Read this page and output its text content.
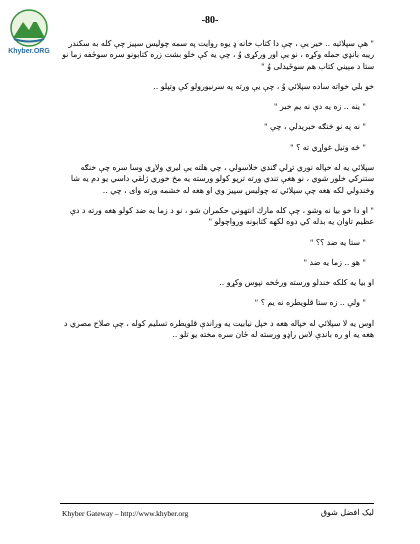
Khyber.ORG
-80-

" هې سپلائيه .. خير يې ، چې دا كتاب خانه ډ يوه روايت په سمه چوليس سپيز چې كله به سكندر ريبه بانډي حمله وكړه ، نو يې اور وركړى وُ ، چې يه كې خلو بشت زره كتابونو سره سوځفه زما نو ستا د مېيني كتاب هم سوځيدلى وُ "

خو بلي خواته ساده سپلائي وُ ، چې يې ورته په سرنيورولو كې وتپلو ..

" ينه .. زه يه دې نه يم خبر "

" نه په نو څنګه خبريدلي ، چې "

" څه وتيل غواړي ته ؟ "

سپلائي يه له خپاله نوري تړلي ګندي خلاسولي ، چي هلته يې ليري ولاړي وسا سره چې خنګه ستنركي خلور شوي ، نو هغې تندي ورته ترپو كولو ورسته يه مخ خوري ژلقي داسي يو دم يه شا وڅندولي لكه هغه چې سپلائي ته چوليس سپيز وي او هغه له خشمه ورته وای ، چي ..

" او دا خو بيا نه وشو ، چې كله مارك انتهوني حكمران شو ، نو د زما يه ضد كولو هغه ورته د دې عظيم تاوان يه بدله كي دوه لكهه كتابونه ورواچولو "

" ستا يه ضد ؟؟ "

" هو .. زما يه ضد "

او بيا يه كلكه خندلو ورسته ورځخه نپوس وكړو ..

" ولې .. زه ستا قلويطره نه يم ؟ "

اوس يه لا سپلائي له خپاله هغه د خپل نيابيت يه وراندې قلويطره تسليم كوله ، چې صلاح مصري د هغه يه او ره باندې لاس راډو ورسته له ځان سره مخته يو تلو ..

Khyber Gateway – http://www.khyber.org	ليک افضل شوق
